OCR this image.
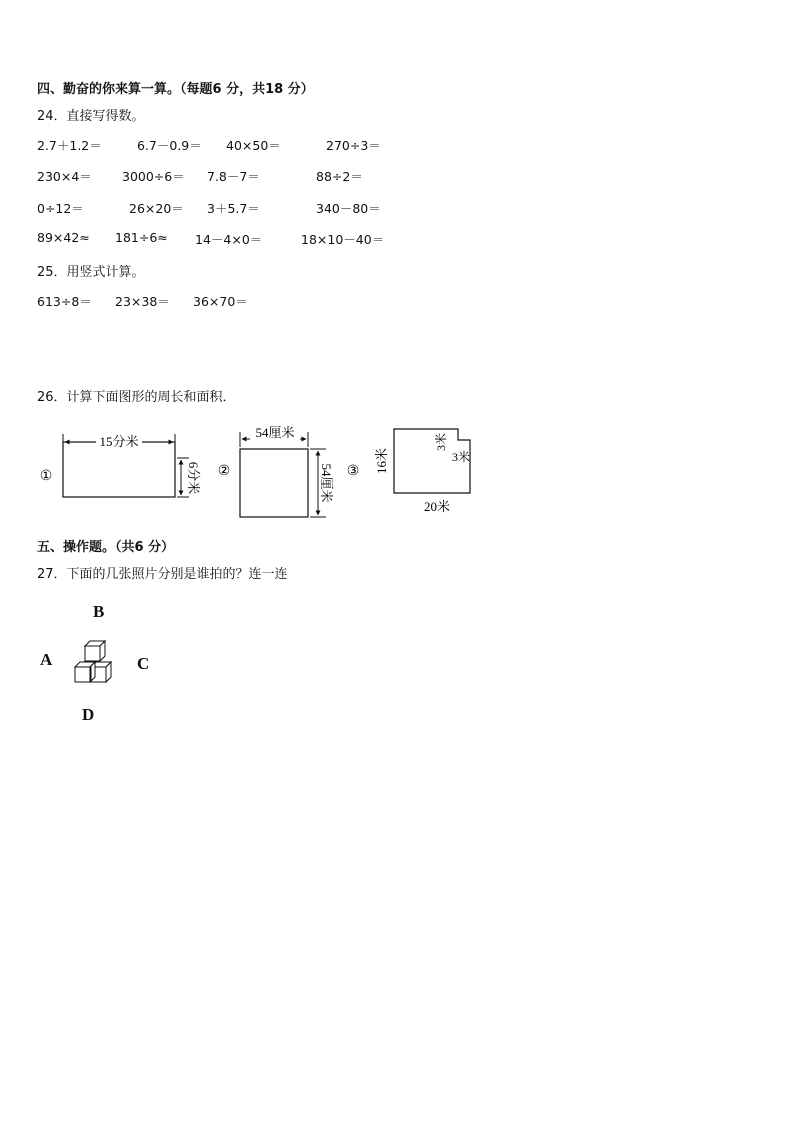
四、勤奋的你来算一算。（每题6 分，共18 分）
24．直接写得数。
2.7＋1.2＝	6.7－0.9＝ 40×50＝	270÷3＝
230×4＝ 3000÷6＝ 7.8－7＝	88÷2＝
0÷12＝	26×20＝ 3＋5.7＝	340－80＝
89×42≈ 181÷6≈ 14－4×0＝	18×10－40＝
25．用竖式计算。
613÷8＝ 23×38＝ 36×70＝
26．计算下面图形的周长和面积．
①
15分米
6分米 ②
54厘米
54厘米 ③ 16米
20米
3米
3米
五、操作题。（共6 分）
27．下面的几张照片分别是谁拍的？连一连
B
A	C
D
